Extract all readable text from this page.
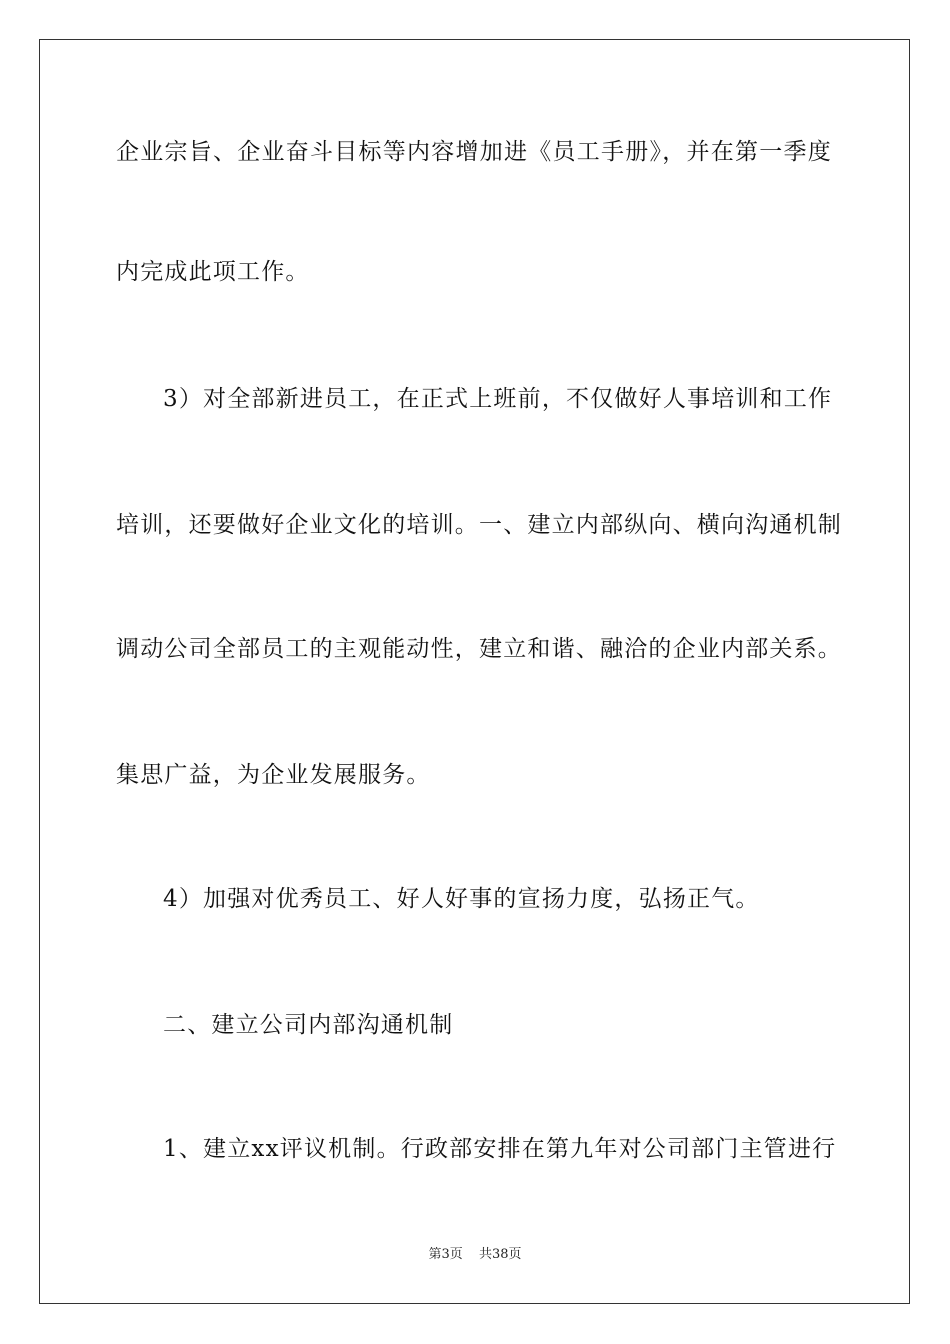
企业宗旨、企业奋斗目标等内容增加进《员工手册》，并在第一季度
内完成此项工作。
3）对全部新进员工，在正式上班前，不仅做好人事培训和工作
培训，还要做好企业文化的培训。一、建立内部纵向、横向沟通机制
调动公司全部员工的主观能动性，建立和谐、融洽的企业内部关系。
集思广益，为企业发展服务。
4）加强对优秀员工、好人好事的宣扬力度，弘扬正气。
二、建立公司内部沟通机制
1、建立xx评议机制。行政部安排在第九年对公司部门主管进行
第3页 共38页
